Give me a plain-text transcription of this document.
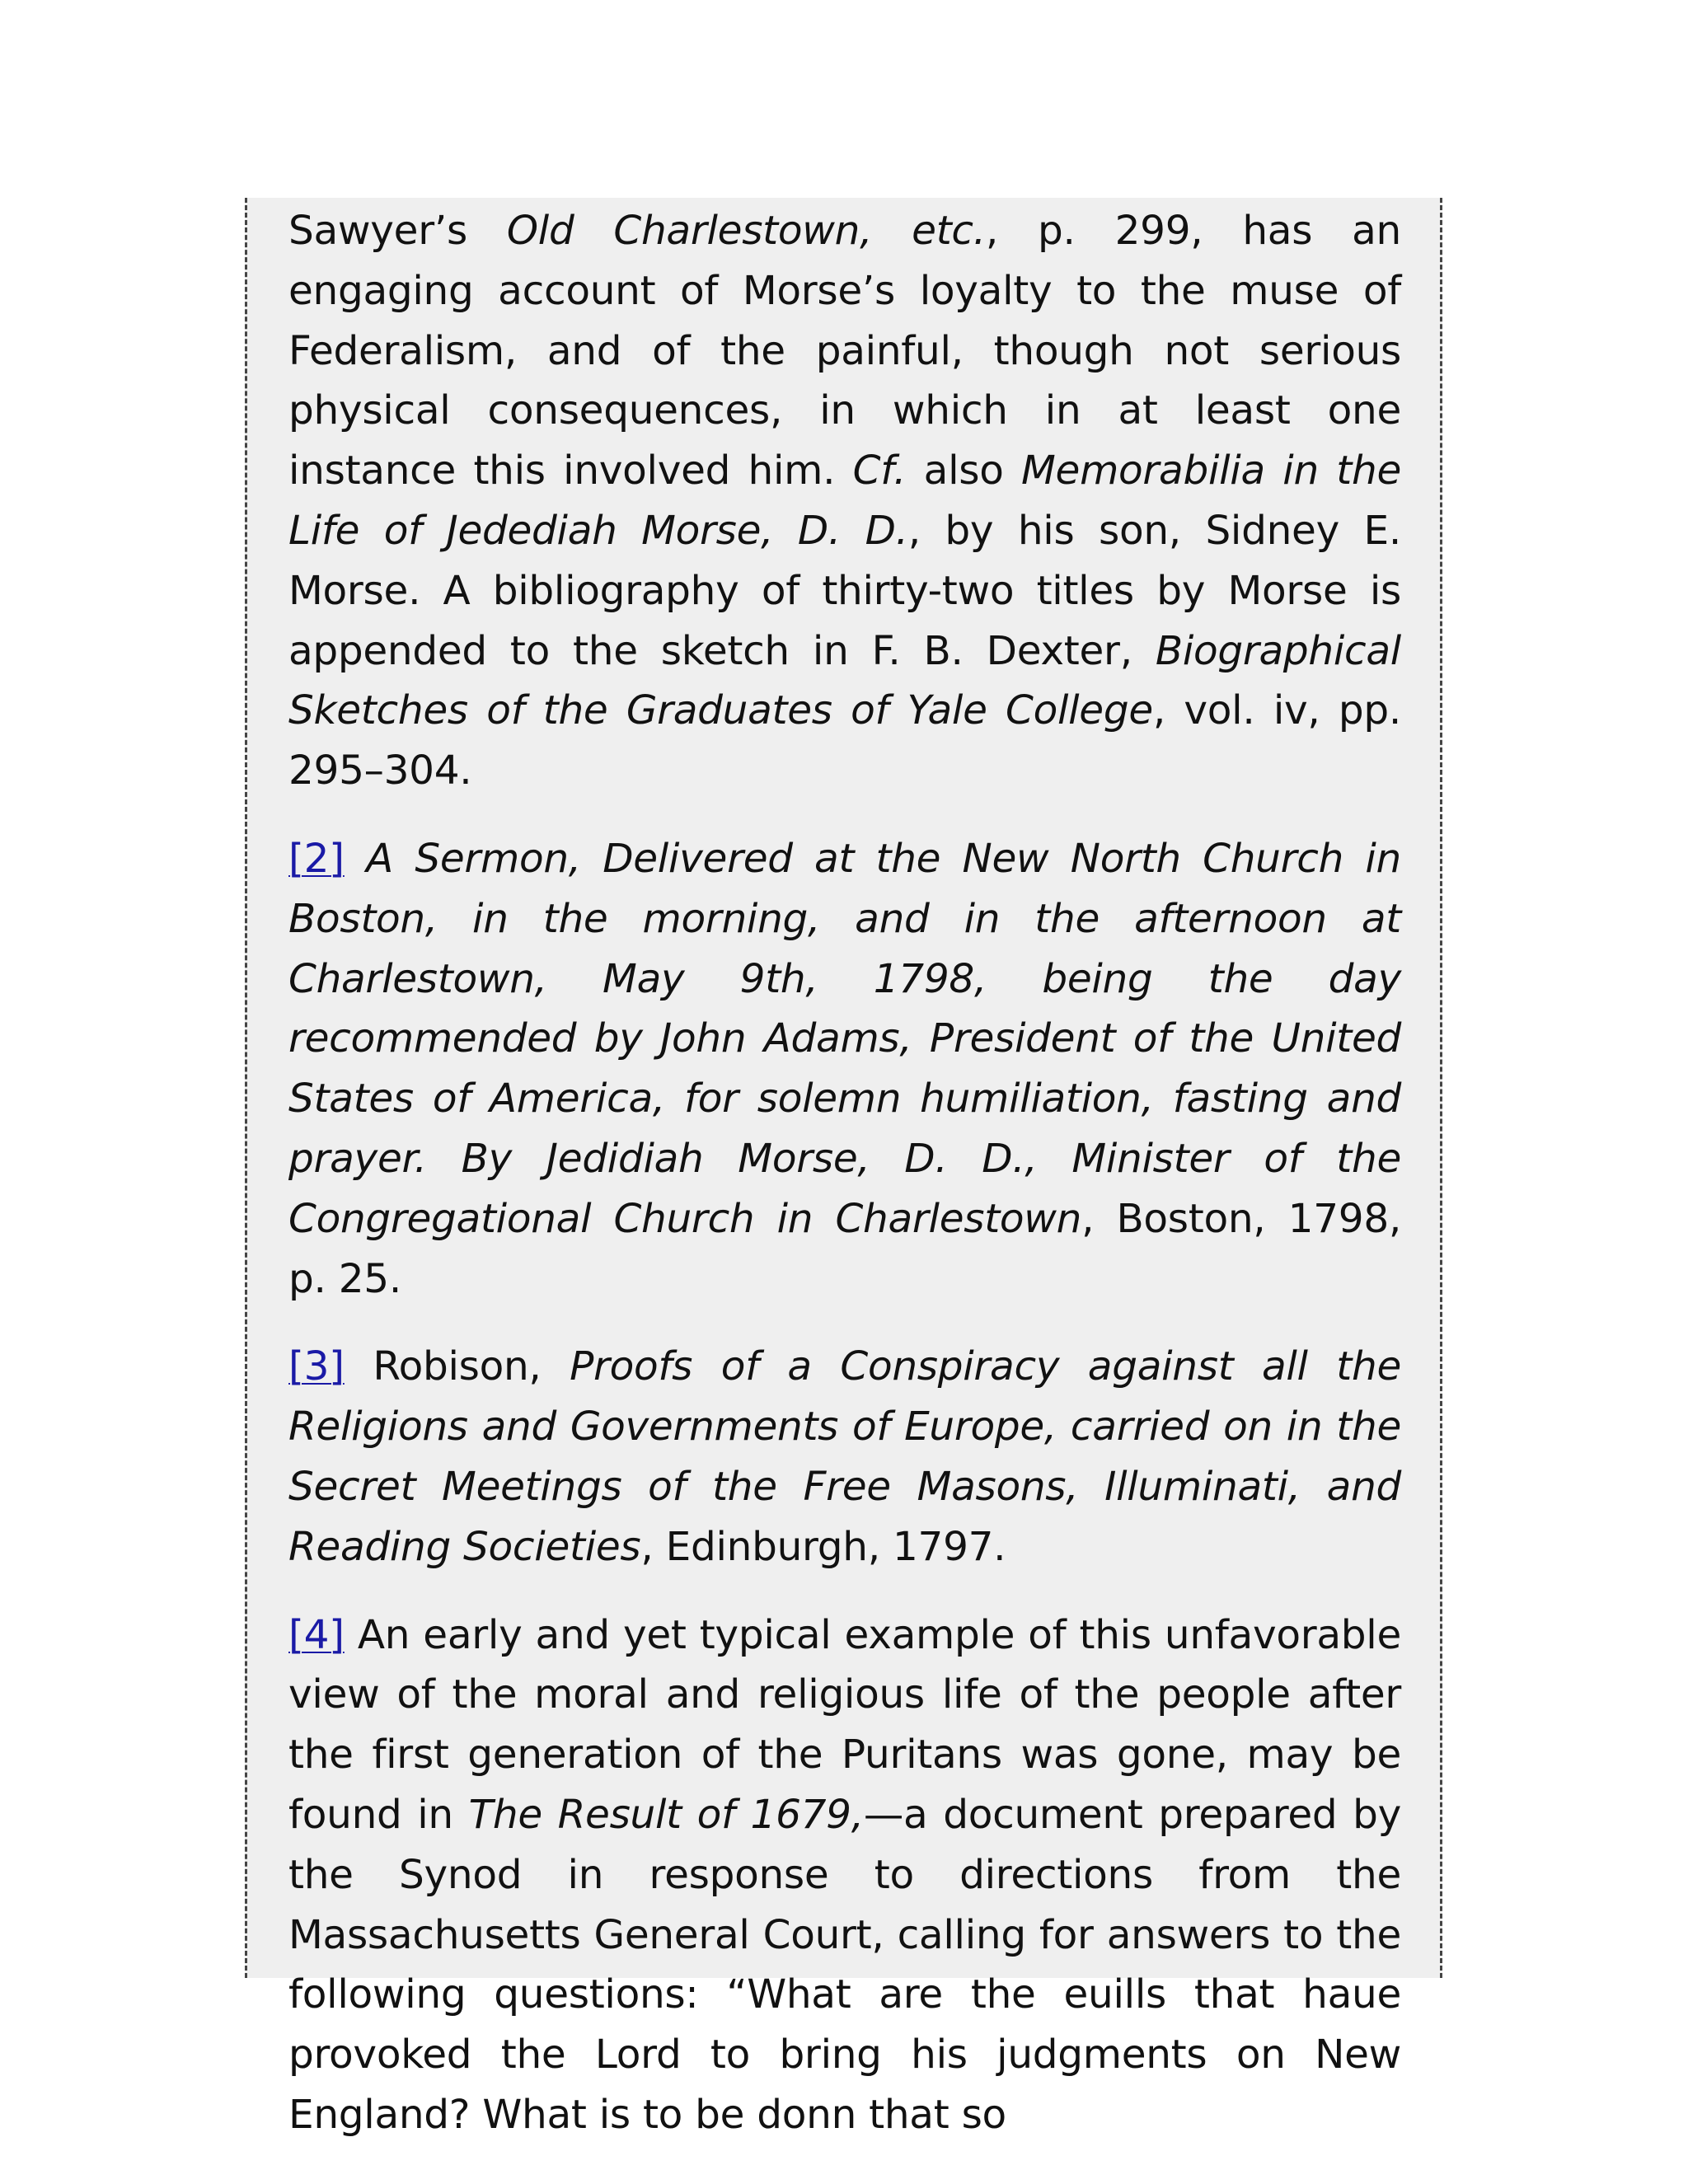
Sawyer’s Old Charlestown, etc., p. 299, has an engaging account of Morse’s loyalty to the muse of Federalism, and of the painful, though not serious physical consequences, in which in at least one instance this involved him. Cf. also Memorabilia in the Life of Jedediah Morse, D. D., by his son, Sidney E. Morse. A bibliography of thirty-two titles by Morse is appended to the sketch in F. B. Dexter, Biographical Sketches of the Graduates of Yale College, vol. iv, pp. 295–304.

[2] A Sermon, Delivered at the New North Church in Boston, in the morning, and in the afternoon at Charlestown, May 9th, 1798, being the day recommended by John Adams, President of the United States of America, for solemn humiliation, fasting and prayer. By Jedidiah Morse, D. D., Minister of the Congregational Church in Charlestown, Boston, 1798, p. 25.

[3] Robison, Proofs of a Conspiracy against all the Religions and Governments of Europe, carried on in the Secret Meetings of the Free Masons, Illuminati, and Reading Societies, Edinburgh, 1797.

[4] An early and yet typical example of this unfavorable view of the moral and religious life of the people after the first generation of the Puritans was gone, may be found in The Result of 1679,—a document prepared by the Synod in response to directions from the Massachusetts General Court, calling for answers to the following questions: “What are the euills that haue provoked the Lord to bring his judgments on New England? What is to be donn that so
